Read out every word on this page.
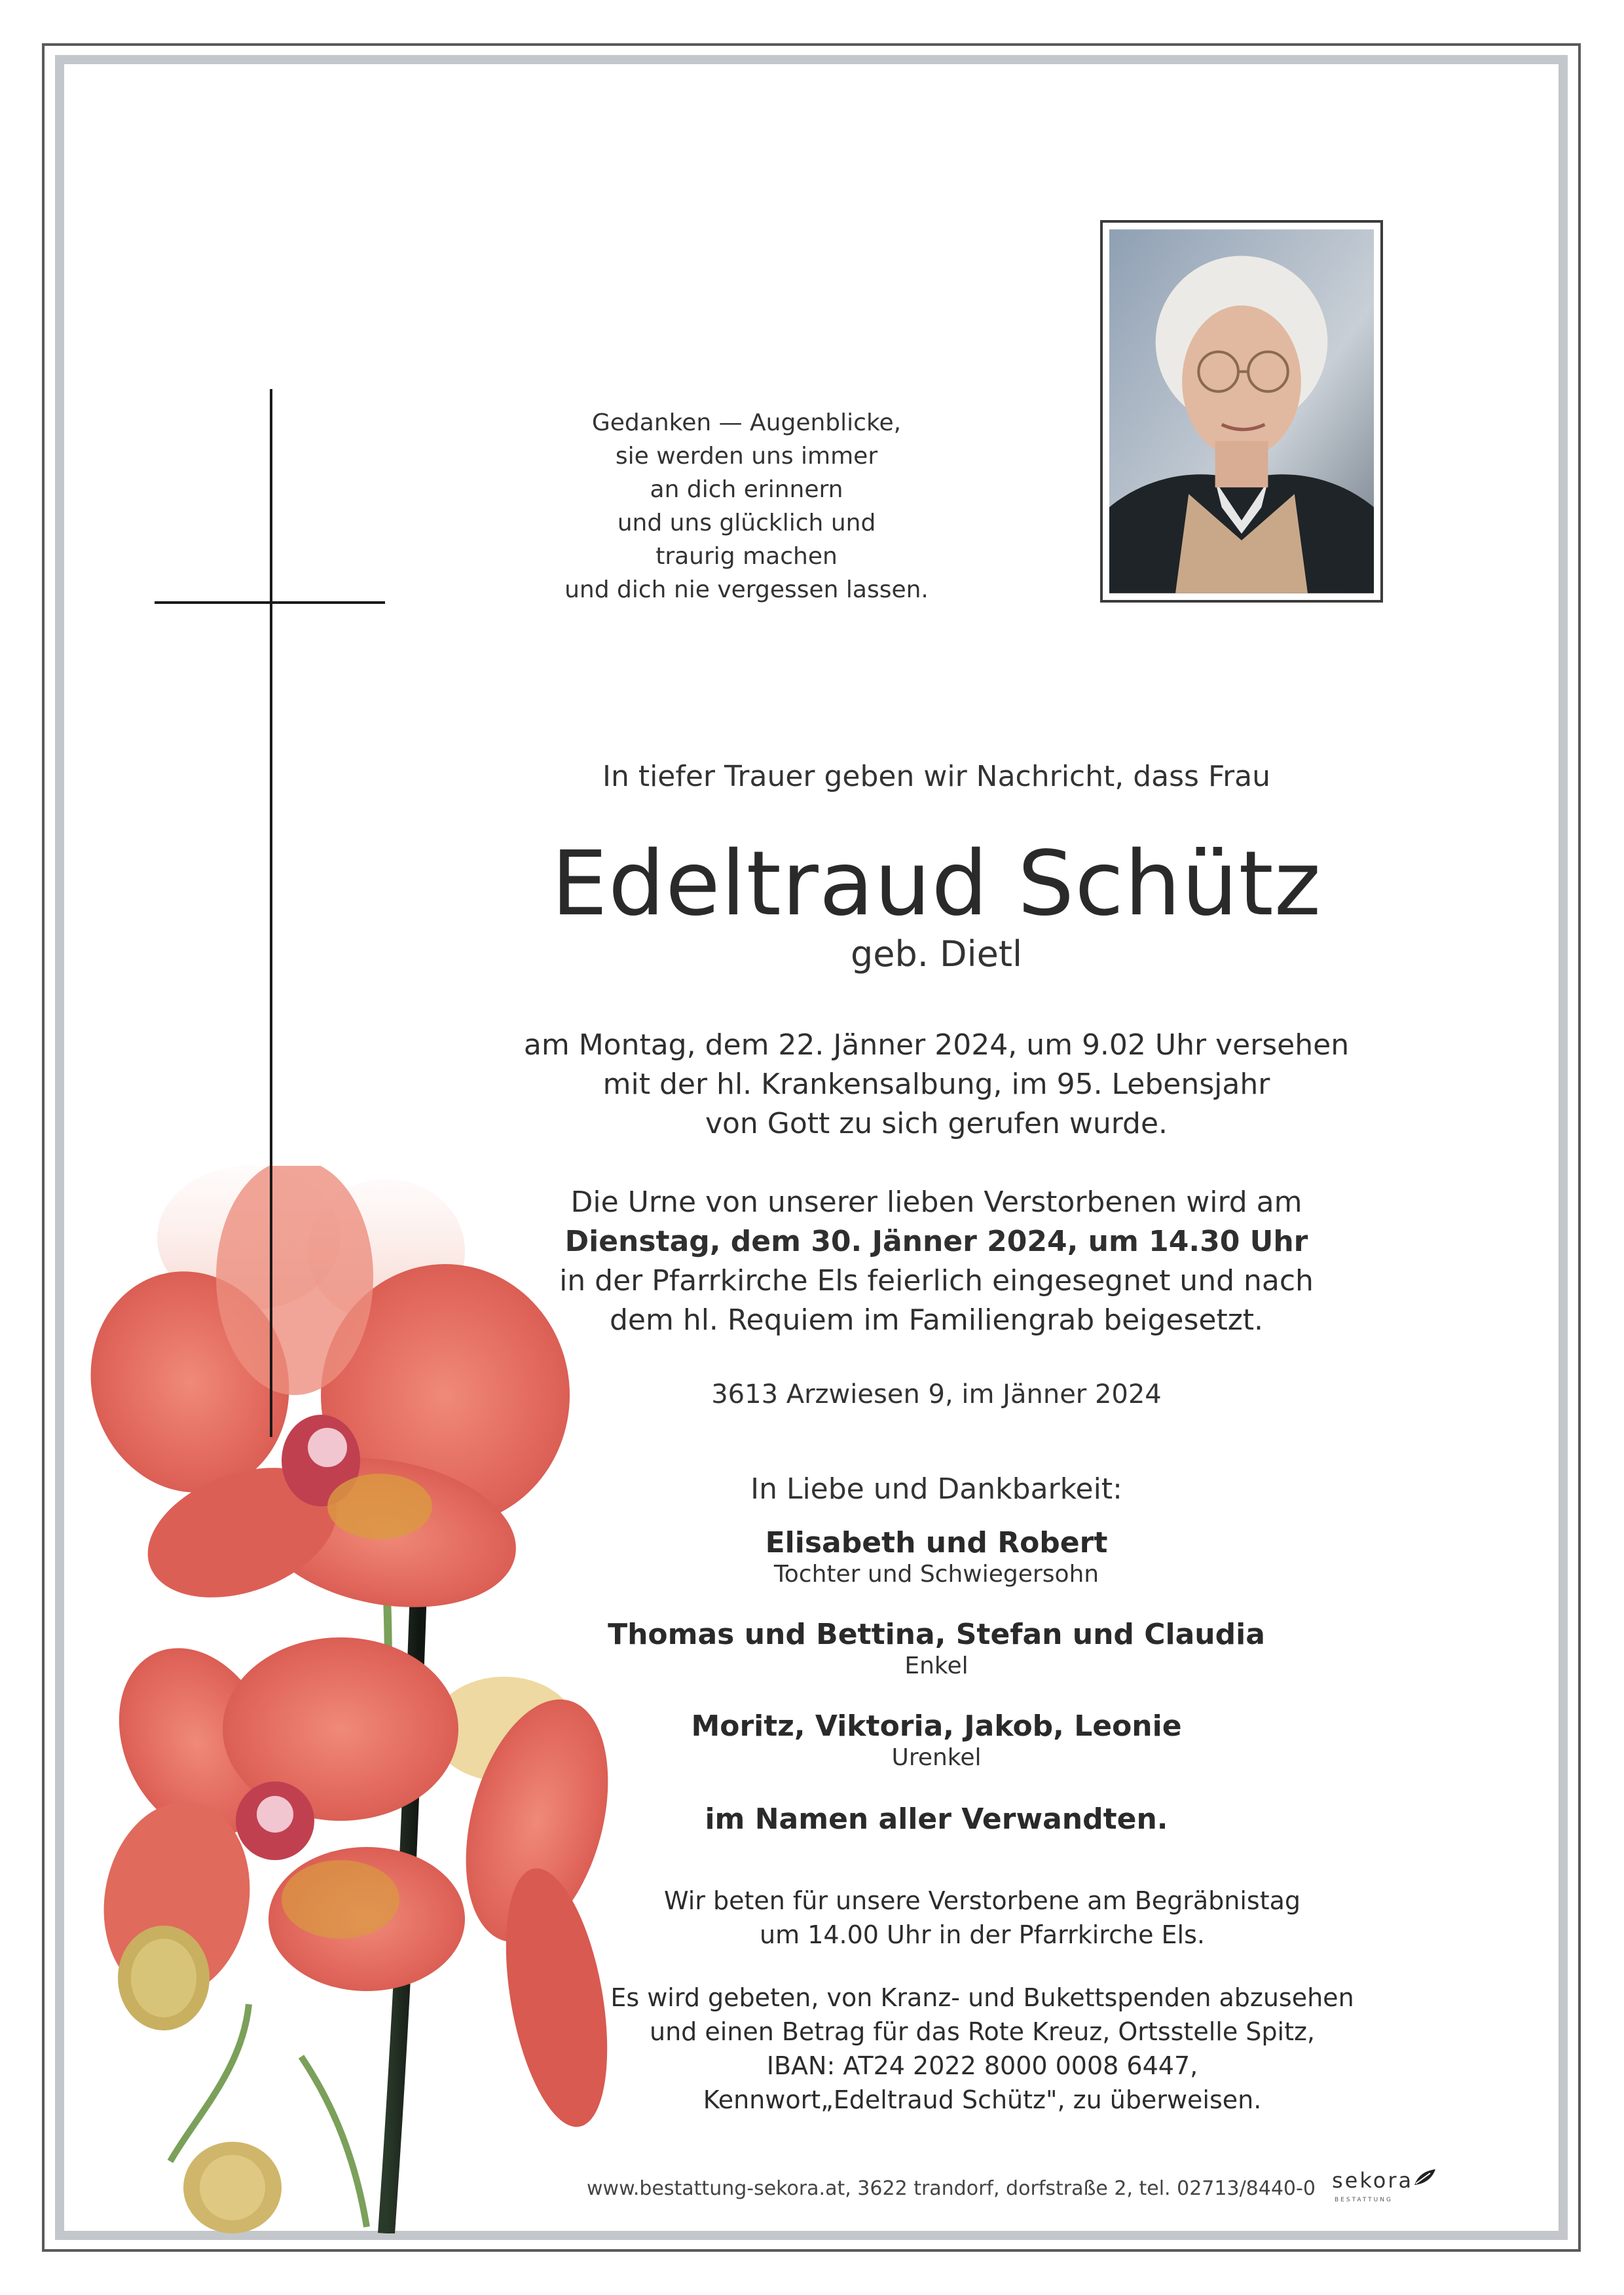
Gedanken — Augenblicke,
sie werden uns immer
an dich erinnern
und uns glücklich und
traurig machen
und dich nie vergessen lassen.
In tiefer Trauer geben wir Nachricht, dass Frau
Edeltraud Schütz
geb. Dietl
am Montag, dem 22. Jänner 2024, um 9.02 Uhr versehen
mit der hl. Krankensalbung, im 95. Lebensjahr
von Gott zu sich gerufen wurde.
Die Urne von unserer lieben Verstorbenen wird am
Dienstag, dem 30. Jänner 2024, um 14.30 Uhr
in der Pfarrkirche Els feierlich eingesegnet und nach
dem hl. Requiem im Familiengrab beigesetzt.
3613 Arzwiesen 9, im Jänner 2024
In Liebe und Dankbarkeit:
Elisabeth und Robert
Tochter und Schwiegersohn
Thomas und Bettina, Stefan und Claudia
Enkel
Moritz, Viktoria, Jakob, Leonie
Urenkel
im Namen aller Verwandten.
Wir beten für unsere Verstorbene am Begräbnistag
um 14.00 Uhr in der Pfarrkirche Els.
Es wird gebeten, von Kranz- und Bukettspenden abzusehen
und einen Betrag für das Rote Kreuz, Ortsstelle Spitz,
IBAN: AT24 2022 8000 0008 6447,
Kennwort„Edeltraud Schütz", zu überweisen.
www.bestattung-sekora.at, 3622 trandorf, dorfstraße 2, tel. 02713/8440-0 sekora
BESTATTUNG
